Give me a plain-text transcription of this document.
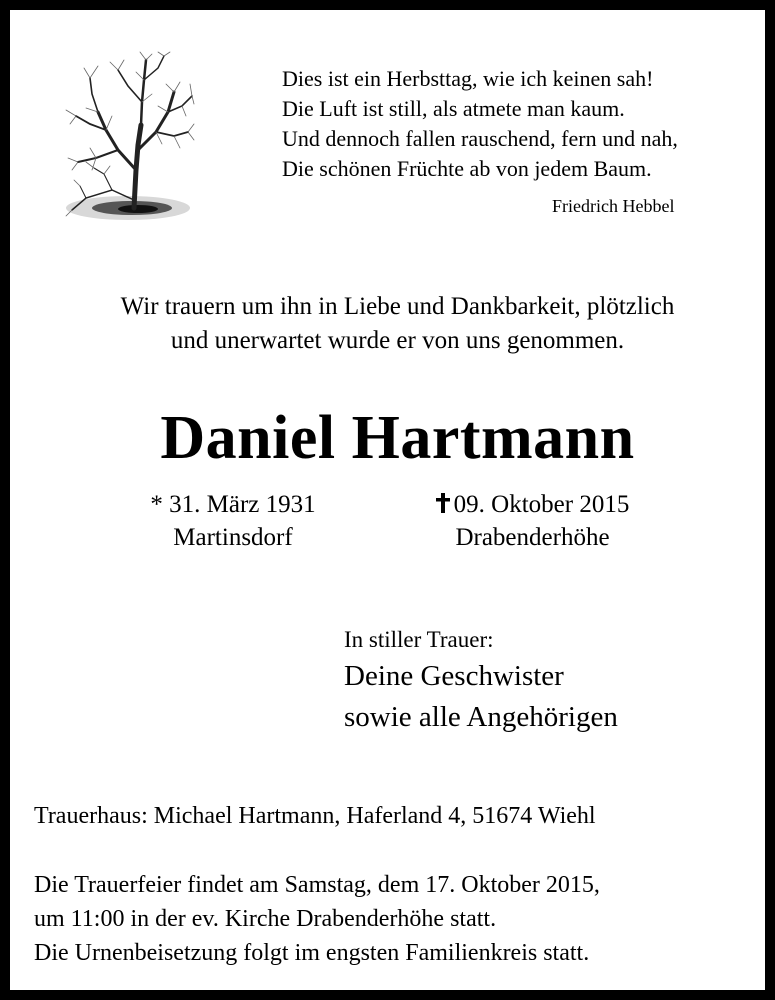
Dies ist ein Herbsttag, wie ich keinen sah!
Die Luft ist still, als atmete man kaum.
Und dennoch fallen rauschend, fern und nah,
Die schönen Früchte ab von jedem Baum.
Friedrich Hebbel
Wir trauern um ihn in Liebe und Dankbarkeit, plötzlich
und unerwartet wurde er von uns genommen.
Daniel Hartmann
* 31. März 1931
Martinsdorf
09. Oktober 2015
Drabenderhöhe
In stiller Trauer:
Deine Geschwister
sowie alle Angehörigen
Trauerhaus: Michael Hartmann, Haferland 4, 51674 Wiehl
Die Trauerfeier findet am Samstag, dem 17. Oktober 2015,
um 11:00 in der ev. Kirche Drabenderhöhe statt.
Die Urnenbeisetzung folgt im engsten Familienkreis statt.
